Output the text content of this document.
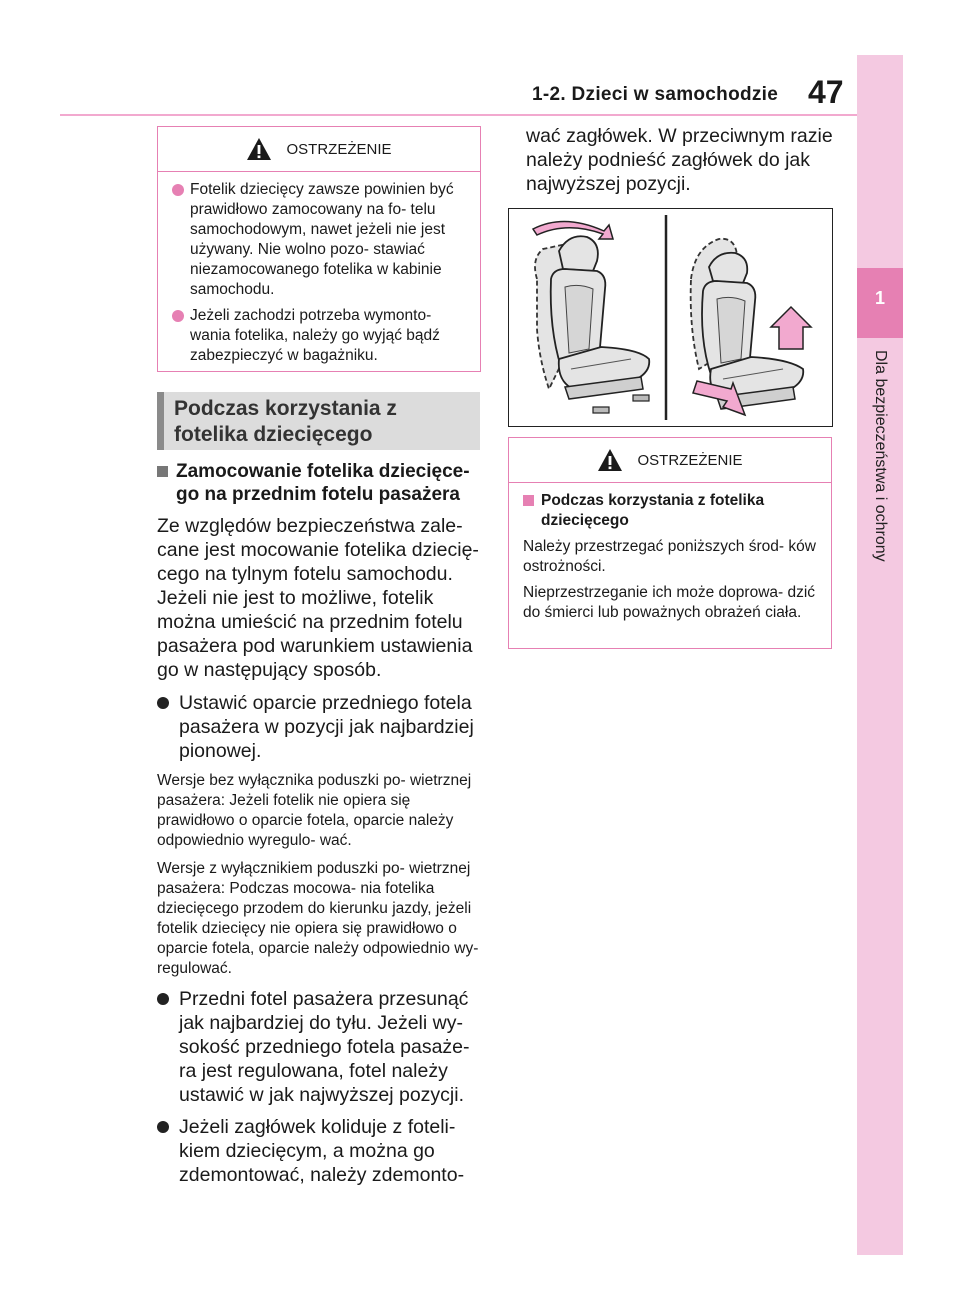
1-2. Dzieci w samochodzie 47
1
Dla bezpieczeństwa i ochrony
OSTRZEŻENIE
Fotelik dziecięcy zawsze powinien być prawidłowo zamocowany na fo- telu samochodowym, nawet jeżeli nie jest używany. Nie wolno pozo- stawiać niezamocowanego fotelika w kabinie samochodu.
Jeżeli zachodzi potrzeba wymonto- wania fotelika, należy go wyjąć bądź zabezpieczyć w bagażniku.
Podczas korzystania z fotelika dziecięcego
Zamocowanie fotelika dziecięce- go na przednim fotelu pasażera

Ze względów bezpieczeństwa zale- cane jest mocowanie fotelika dziecię- cego na tylnym fotelu samochodu. Jeżeli nie jest to możliwe, fotelik można umieścić na przednim fotelu pasażera pod warunkiem ustawienia go w następujący sposób.

Ustawić oparcie przedniego fotela pasażera w pozycji jak najbardziej pionowej.

Wersje bez wyłącznika poduszki po- wietrznej pasażera: Jeżeli fotelik nie opiera się prawidłowo o oparcie fotela, oparcie należy odpowiednio wyregulo- wać.

Wersje z wyłącznikiem poduszki po- wietrznej pasażera: Podczas mocowa- nia fotelika dziecięcego przodem do kierunku jazdy, jeżeli fotelik dziecięcy nie opiera się prawidłowo o oparcie fotela, oparcie należy odpowiednio wy- regulować.

Przedni fotel pasażera przesunąć jak najbardziej do tyłu. Jeżeli wy- sokość przedniego fotela pasaże- ra jest regulowana, fotel należy ustawić w jak najwyższej pozycji.
Jeżeli zagłówek koliduje z foteli- kiem dziecięcym, a można go zdemontować, należy zdemonto-
wać zagłówek. W przeciwnym razie należy podnieść zagłówek do jak najwyższej pozycji.
OSTRZEŻENIE
Podczas korzystania z fotelika dziecięcego

Należy przestrzegać poniższych środ- ków ostrożności.

Nieprzestrzeganie ich może doprowa- dzić do śmierci lub poważnych obrażeń ciała.
